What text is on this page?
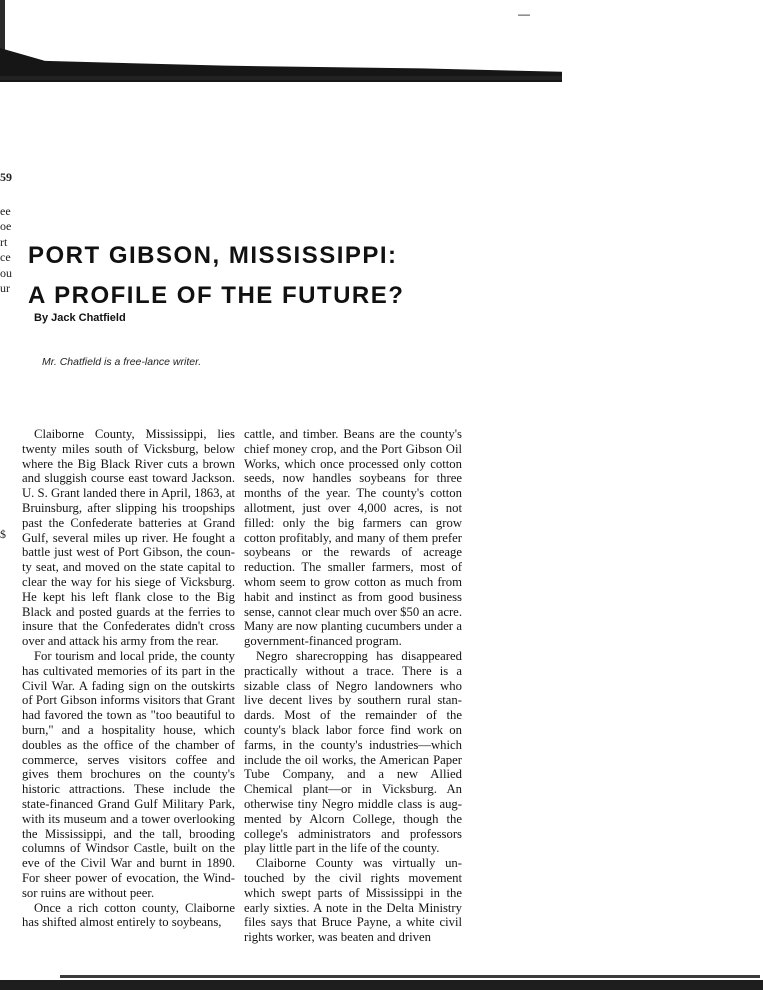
—
59
ee
oe
rt
ce
ou
ur
$
PORT GIBSON, MISSISSIPPI:
A PROFILE OF THE FUTURE?
By Jack Chatfield
Mr. Chatfield is a free-lance writer.

Claiborne County, Mississippi, lies twenty miles south of Vicksburg, below where the Big Black River cuts a brown and sluggish course east toward Jackson. U. S. Grant landed there in April, 1863, at Bruinsburg, after slipping his troopships past the Confederate batteries at Grand Gulf, several miles up river. He fought a battle just west of Port Gibson, the county seat, and moved on the state capital to clear the way for his siege of Vicksburg. He kept his left flank close to the Big Black and posted guards at the ferries to insure that the Confederates didn't cross over and attack his army from the rear.

For tourism and local pride, the county has cultivated memories of its part in the Civil War. A fading sign on the outskirts of Port Gibson informs visitors that Grant had favored the town as "too beautiful to burn," and a hospitality house, which doubles as the office of the chamber of commerce, serves visitors coffee and gives them brochures on the county's historic attractions. These include the state-financed Grand Gulf Military Park, with its museum and a tower overlooking the Mississippi, and the tall, brooding columns of Windsor Castle, built on the eve of the Civil War and burnt in 1890. For sheer power of evocation, the Windsor ruins are without peer.

Once a rich cotton county, Claiborne has shifted almost entirely to soybeans,

cattle, and timber. Beans are the county's chief money crop, and the Port Gibson Oil Works, which once processed only cotton seeds, now handles soybeans for three months of the year. The county's cotton allotment, just over 4,000 acres, is not filled: only the big farmers can grow cotton profitably, and many of them prefer soybeans or the rewards of acreage reduction. The smaller farmers, most of whom seem to grow cotton as much from habit and instinct as from good business sense, cannot clear much over $50 an acre. Many are now planting cucumbers under a government-financed program.

Negro sharecropping has disappeared practically without a trace. There is a sizable class of Negro landowners who live decent lives by southern rural standards. Most of the remainder of the county's black labor force find work on farms, in the county's industries—which include the oil works, the American Paper Tube Company, and a new Allied Chemical plant—or in Vicksburg. An otherwise tiny Negro middle class is augmented by Alcorn College, though the college's administrators and professors play little part in the life of the county.

Claiborne County was virtually untouched by the civil rights movement which swept parts of Mississippi in the early sixties. A note in the Delta Ministry files says that Bruce Payne, a white civil rights worker, was beaten and driven
